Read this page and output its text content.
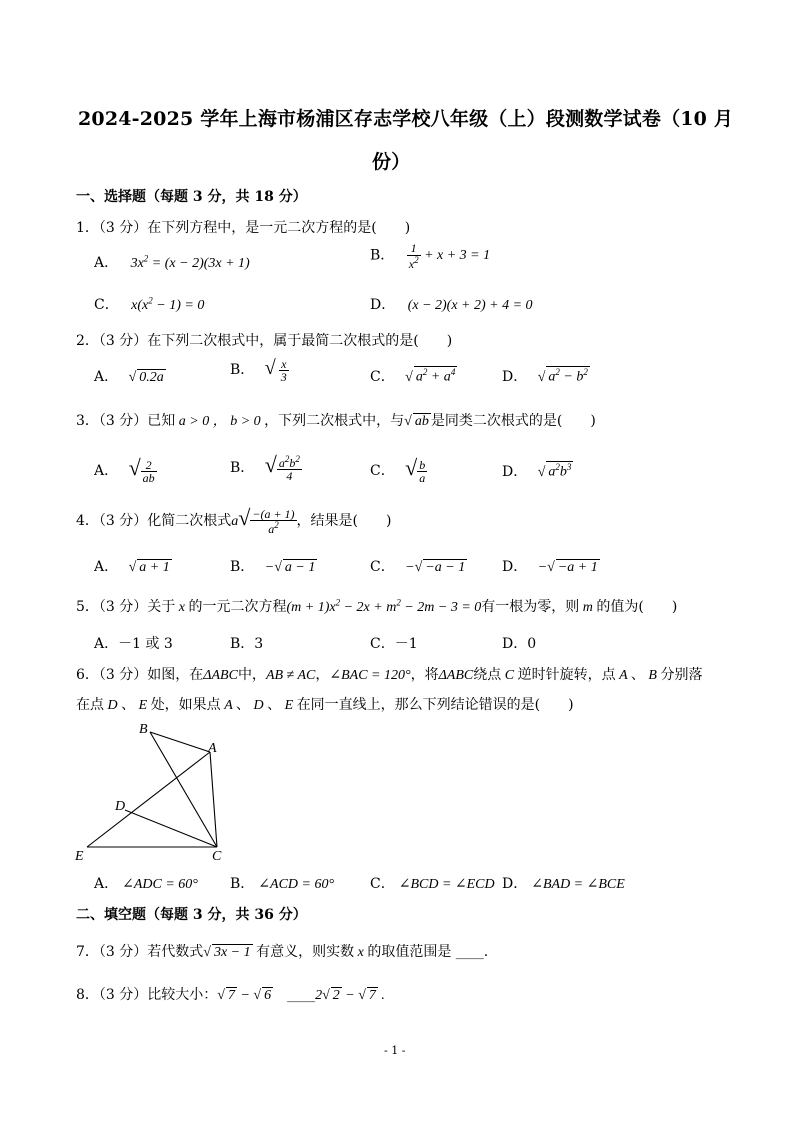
2024-2025 学年上海市杨浦区存志学校八年级（上）段测数学试卷（10 月
份）
一、选择题（每题 3 分，共 18 分）
1．（3 分）在下列方程中，是一元二次方程的是(　　)
A． $3x^2 = (x - 2)(3x + 1)$
B． $\frac{1}{x^2} + x + 3 = 1$
C． $x(x^2 - 1) = 0$	D． (x − 2)(x + 2) + 4 = 0
2．（3 分）在下列二次根式中，属于最简二次根式的是(　　)
A． √ 0.2a	B． √ $\frac{x}{3}$	C． √ $a^2 + a^4$	D． √ $a^2 - b^2$
3．（3 分）已知 a > 0 ， b > 0 ，下列二次根式中，与√ ab 是同类二次根式的是(　　)
A． √ $\frac{2}{ab}$	B． √ $\frac{a^2b^2}{4}$	C． √ $\frac{b}{a}$	D． √ $a^2b^3$
4．（3 分）化简二次根式$a√ \frac{-(a + 1)}{a^2}$ ，结果是(　　)
A． √ a + 1	B． −√ a − 1	C． −√ −a − 1	D． −√ −a + 1
5．（3 分）关于 x 的一元二次方程$(m + 1)x^2 - 2x + m^2 - 2m - 3 = 0$有一根为零，则 m 的值为(　　)
A．－1 或 3	B．3	C．－1	D．0
6．（3 分）如图，在ΔABC中，AB ≠ AC，∠BAC = 120°，将ΔABC绕点 C 逆时针旋转，点 A 、 B 分别落
在点 D 、 E 处，如果点 A 、 D 、 E 在同一直线上，那么下列结论错误的是(　　)
B
A
D
E	C
A． ∠ADC = 60° B． ∠ACD = 60°	C． ∠BCD = ∠ECD D． ∠BAD = ∠BCE
二、填空题（每题 3 分，共 36 分）
7．（3 分）若代数式√ 3x − 1 有意义，则实数 x 的取值范围是 ____.
8．（3 分）比较大小：√ 7 − √ 6　 ____2√ 2 − √ 7 .
- 1 -
